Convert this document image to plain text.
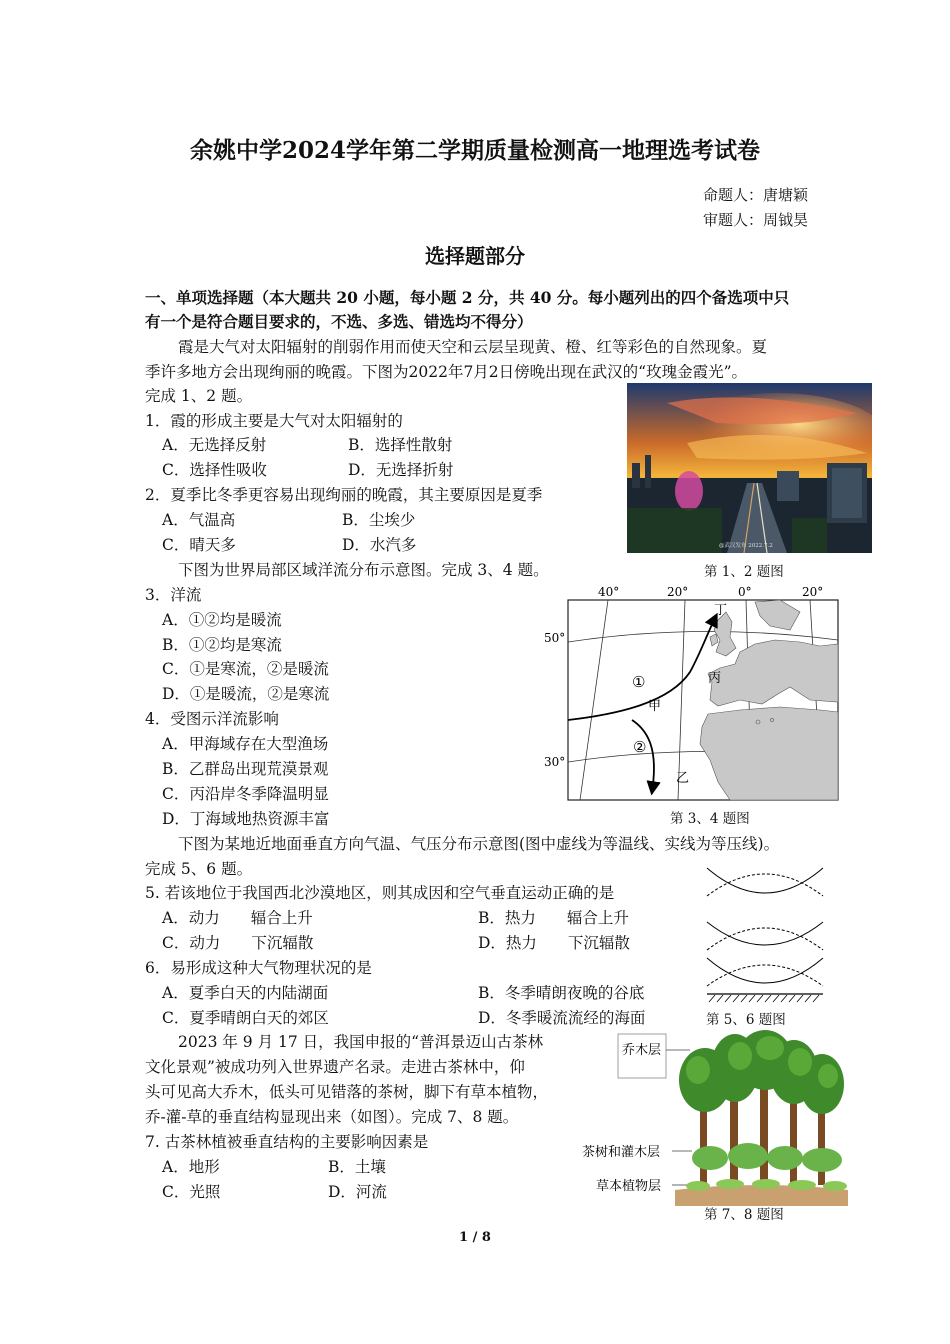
余姚中学2024学年第二学期质量检测高一地理选考试卷
命题人：唐塘颖
审题人：周钺昊
选择题部分
一、单项选择题（本大题共 20 小题，每小题 2 分，共 40 分。每小题列出的四个备选项中只
有一个是符合题目要求的，不选、多选、错选均不得分）
霞是大气对太阳辐射的削弱作用而使天空和云层呈现黄、橙、红等彩色的自然现象。夏
季许多地方会出现绚丽的晚霞。下图为2022年7月2日傍晚出现在武汉的“玫瑰金霞光”。
完成 1、2 题。
1．霞的形成主要是大气对太阳辐射的
A．无选择反射	B．选择性散射
C．选择性吸收	D．无选择折射
2．夏季比冬季更容易出现绚丽的晚霞，其主要原因是夏季
A．气温高	B．尘埃少
C．晴天多	D．水汽多	@武汉发布 2022.7.2
第 1、2 题图
下图为世界局部区域洋流分布示意图。完成 3、4 题。
3．洋流
A．①②均是暖流
B．①②均是寒流
C．①是寒流，②是暖流
D．①是暖流，②是寒流
4．受图示洋流影响
A．甲海域存在大型渔场
B．乙群岛出现荒漠景观
C．丙沿岸冬季降温明显
D．丁海域地热资源丰富
40°	20°	0°	20°
50°
30°
①
②
甲
乙
丙
丁
第 3、4 题图
下图为某地近地面垂直方向气温、气压分布示意图(图中虚线为等温线、实线为等压线)。
完成 5、6 题。
5. 若该地位于我国西北沙漠地区，则其成因和空气垂直运动正确的是
A．动力　　辐合上升	B．热力　　辐合上升
C．动力　　下沉辐散	D．热力　　下沉辐散
6．易形成这种大气物理状况的是
A．夏季白天的内陆湖面	B．冬季晴朗夜晚的谷底
C．夏季晴朗白天的郊区	D．冬季暖流流经的海面	第 5、6 题图
2023 年 9 月 17 日，我国申报的“普洱景迈山古茶林
文化景观”被成功列入世界遗产名录。走进古茶林中，仰
头可见高大乔木，低头可见错落的茶树，脚下有草本植物，
乔-灌-草的垂直结构显现出来（如图）。完成 7、8 题。
7. 古茶林植被垂直结构的主要影响因素是
A．地形	B．土壤
C．光照	D．河流
乔木层
茶树和灌木层
草本植物层
第 7、8 题图
1 / 8
